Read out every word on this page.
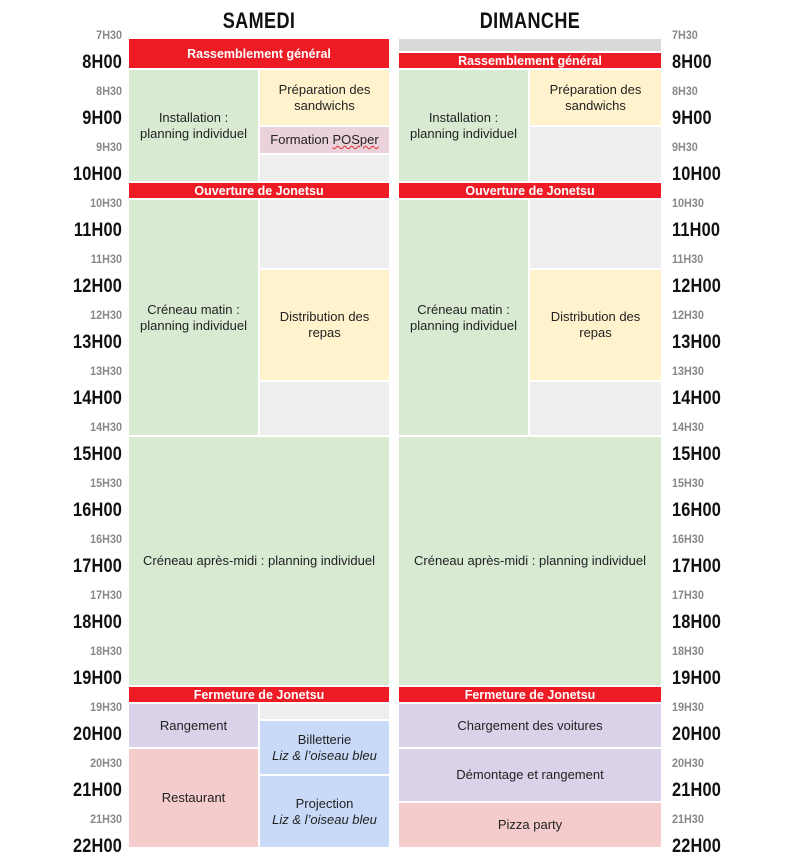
SAMEDI	DIMANCHE
7H30
8H00
8H30
9H00
9H30
10H00
10H30
11H00
11H30
12H00
12H30
13H00
13H30
14H00
14H30
15H00
15H30
16H00
16H30
17H00
17H30
18H00
18H30
19H00
19H30
20H00
20H30
21H00
21H30
22H00
7H30
8H00
8H30
9H00
9H30
10H00
10H30
11H00
11H30
12H00
12H30
13H00
13H30
14H00
14H30
15H00
15H30
16H00
16H30
17H00
17H30
18H00
18H30
19H00
19H30
20H00
20H30
21H00
21H30
22H00
Rassemblement général
Installation : planning individuel
Préparation des sandwichs
Formation POSper
Ouverture de Jonetsu
Créneau matin : planning individuel
Distribution des repas
Créneau après-midi : planning individuel
Fermeture de Jonetsu
Rangement
Restaurant
Billetterie
Liz & l’oiseau bleu
Projection
Liz & l’oiseau bleu
Rassemblement général
Installation : planning individuel
Préparation des sandwichs
Ouverture de Jonetsu
Créneau matin : planning individuel
Distribution des repas
Créneau après-midi : planning individuel
Fermeture de Jonetsu
Chargement des voitures
Démontage et rangement
Pizza party
